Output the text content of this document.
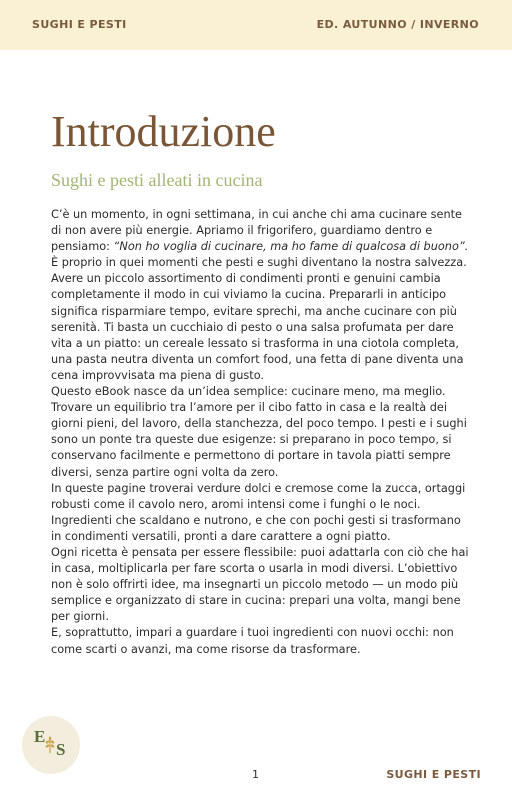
SUGHI E PESTI	ED. AUTUNNO / INVERNO
Introduzione
Sughi e pesti alleati in cucina

C’è un momento, in ogni settimana, in cui anche chi ama cucinare sente di non avere più energie. Apriamo il frigorifero, guardiamo dentro e pensiamo: “Non ho voglia di cucinare, ma ho fame di qualcosa di buono”.

È proprio in quei momenti che pesti e sughi diventano la nostra salvezza.

Avere un piccolo assortimento di condimenti pronti e genuini cambia completamente il modo in cui viviamo la cucina. Prepararli in anticipo significa risparmiare tempo, evitare sprechi, ma anche cucinare con più serenità. Ti basta un cucchiaio di pesto o una salsa profumata per dare vita a un piatto: un cereale lessato si trasforma in una ciotola completa, una pasta neutra diventa un comfort food, una fetta di pane diventa una cena improvvisata ma piena di gusto.

Questo eBook nasce da un’idea semplice: cucinare meno, ma meglio. Trovare un equilibrio tra l’amore per il cibo fatto in casa e la realtà dei giorni pieni, del lavoro, della stanchezza, del poco tempo. I pesti e i sughi sono un ponte tra queste due esigenze: si preparano in poco tempo, si conservano facilmente e permettono di portare in tavola piatti sempre diversi, senza partire ogni volta da zero.

In queste pagine troverai verdure dolci e cremose come la zucca, ortaggi robusti come il cavolo nero, aromi intensi come i funghi o le noci. Ingredienti che scaldano e nutrono, e che con pochi gesti si trasformano in condimenti versatili, pronti a dare carattere a ogni piatto.

Ogni ricetta è pensata per essere flessibile: puoi adattarla con ciò che hai in casa, moltiplicarla per fare scorta o usarla in modi diversi. L’obiettivo non è solo offrirti idee, ma insegnarti un piccolo metodo — un modo più semplice e organizzato di stare in cucina: prepari una volta, mangi bene per giorni.

E, soprattutto, impari a guardare i tuoi ingredienti con nuovi occhi: non come scarti o avanzi, ma come risorse da trasformare.

E
S
1	SUGHI E PESTI
